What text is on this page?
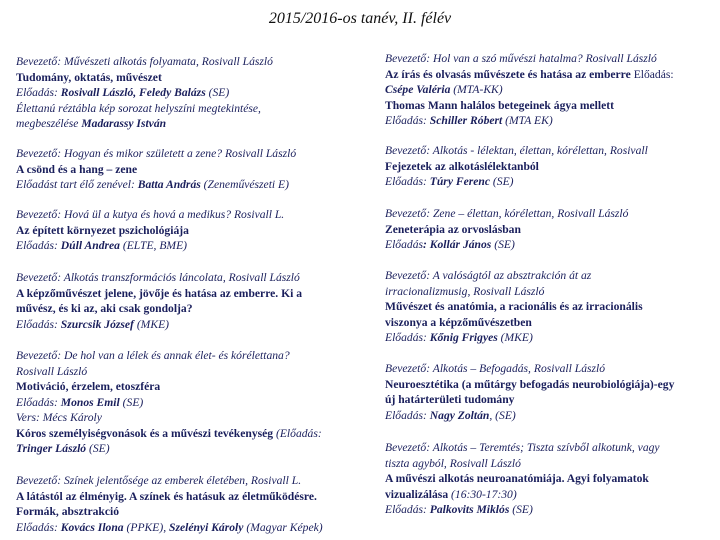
2015/2016-os tanév, II. félév
Bevezető: Művészeti alkotás folyamata, Rosivall László
Tudomány, oktatás, művészet
Előadás: Rosivall László, Feledy Balázs (SE)
Élettanú réztábla kép sorozat helyszíni megtekintése,
megbeszélése Madarassy István
Bevezető: Hogyan és mikor született a zene? Rosivall László
A csönd és a hang – zene
Előadást tart élő zenével: Batta András (Zeneművészeti E)
Bevezető: Hová ül a kutya és hová a medikus? Rosivall L.
Az épített környezet pszichológiája
Előadás: Dúll Andrea (ELTE, BME)
Bevezető: Alkotás transzformációs láncolata, Rosivall László
A képzőművészet jelene, jövője és hatása az emberre. Ki a
művész, és ki az, aki csak gondolja?
Előadás: Szurcsik József (MKE)
Bevezető: De hol van a lélek és annak élet- és kórélettana?
Rosivall László
Motiváció, érzelem, etoszféra
Előadás: Monos Emil (SE)
Vers: Mécs Károly
Kóros személyiségvonások és a művészi tevékenység (Előadás:
Tringer László (SE)
Bevezető: Színek jelentősége az emberek életében, Rosivall L.
A látástól az élményig. A színek és hatásuk az életműködésre.
Formák, absztrakció
Előadás: Kovács Ilona (PPKE), Szelényi Károly (Magyar Képek)
Bevezető: Hol van a szó művészi hatalma? Rosivall László
Az írás és olvasás művészete és hatása az emberre Előadás:
Csépe Valéria (MTA-KK)
Thomas Mann halálos betegeinek ágya mellett
Előadás: Schiller Róbert (MTA EK)
Bevezető: Alkotás - lélektan, élettan, kórélettan, Rosivall
Fejezetek az alkotáslélektanból
Előadás: Túry Ferenc (SE)
Bevezető: Zene – élettan, kórélettan, Rosivall László
Zeneterápia az orvoslásban
Előadás: Kollár János (SE)
Bevezető: A valóságtól az absztrakción át az
irracionalizmusig, Rosivall László
Művészet és anatómia, a racionális és az irracionális
viszonya a képzőművészetben
Előadás: Kőnig Frigyes (MKE)
Bevezető: Alkotás – Befogadás, Rosivall László
Neuroesztétika (a műtárgy befogadás neurobiológiája)-egy
új határterületi tudomány
Előadás: Nagy Zoltán, (SE)
Bevezető: Alkotás – Teremtés; Tiszta szívből alkotunk, vagy
tiszta agyból, Rosivall László
A művészi alkotás neuroanatómiája. Agyi folyamatok
vizualizálása (16:30-17:30)
Előadás: Palkovits Miklós (SE)
